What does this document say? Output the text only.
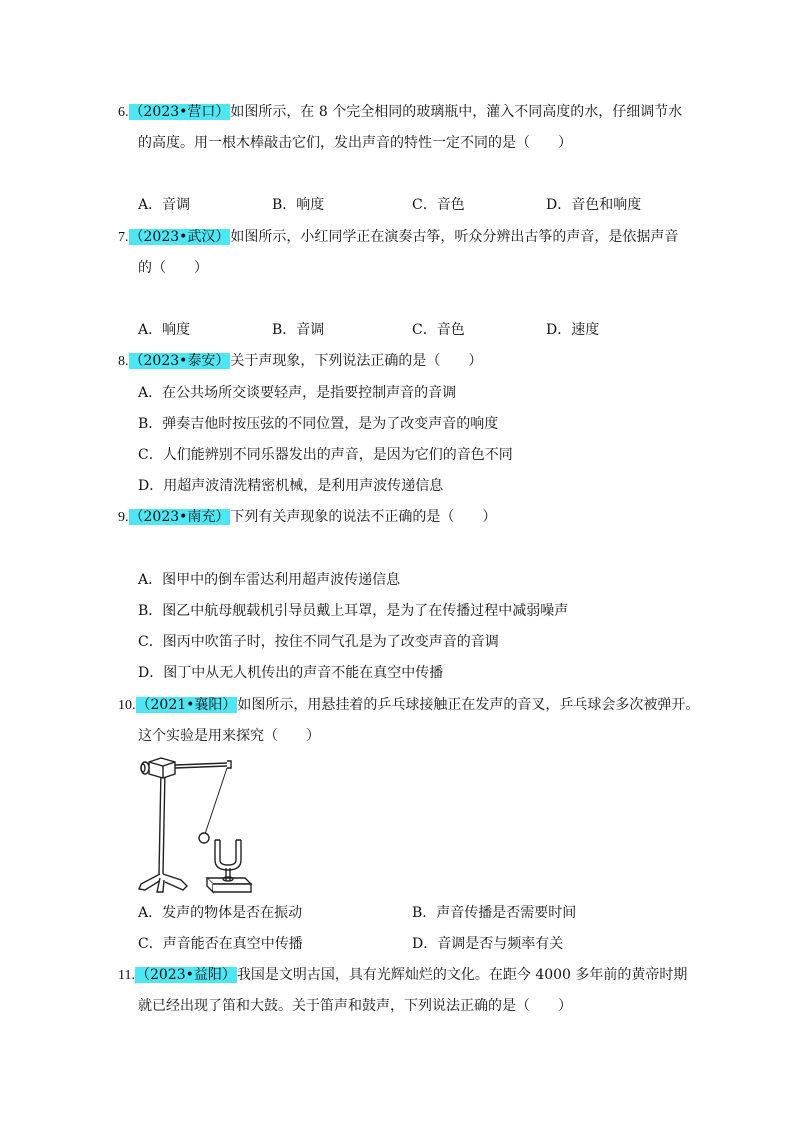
6.（2023•营口）如图所示，在 8 个完全相同的玻璃瓶中，灌入不同高度的水，仔细调节水
的高度。用一根木棒敲击它们，发出声音的特性一定不同的是（　　）
A．音调	B．响度	C．音色	D．音色和响度
7.（2023•武汉）如图所示，小红同学正在演奏古筝，听众分辨出古筝的声音，是依据声音
的（　　）
A．响度	B．音调	C．音色	D．速度
8.（2023•泰安）关于声现象，下列说法正确的是（　　）
A．在公共场所交谈要轻声，是指要控制声音的音调
B．弹奏吉他时按压弦的不同位置，是为了改变声音的响度
C．人们能辨别不同乐器发出的声音，是因为它们的音色不同
D．用超声波清洗精密机械，是利用声波传递信息
9.（2023•南充）下列有关声现象的说法不正确的是（　　）
A．图甲中的倒车雷达利用超声波传递信息
B．图乙中航母舰载机引导员戴上耳罩，是为了在传播过程中减弱噪声
C．图丙中吹笛子时，按住不同气孔是为了改变声音的音调
D．图丁中从无人机传出的声音不能在真空中传播
10.（2021•襄阳）如图所示，用悬挂着的乒乓球接触正在发声的音叉，乒乓球会多次被弹开。
这个实验是用来探究（　　）
A．发声的物体是否在振动	B．声音传播是否需要时间
C．声音能否在真空中传播	D．音调是否与频率有关
11.（2023•益阳）我国是文明古国，具有光辉灿烂的文化。在距今 4000 多年前的黄帝时期
就已经出现了笛和大鼓。关于笛声和鼓声，下列说法正确的是（　　）
